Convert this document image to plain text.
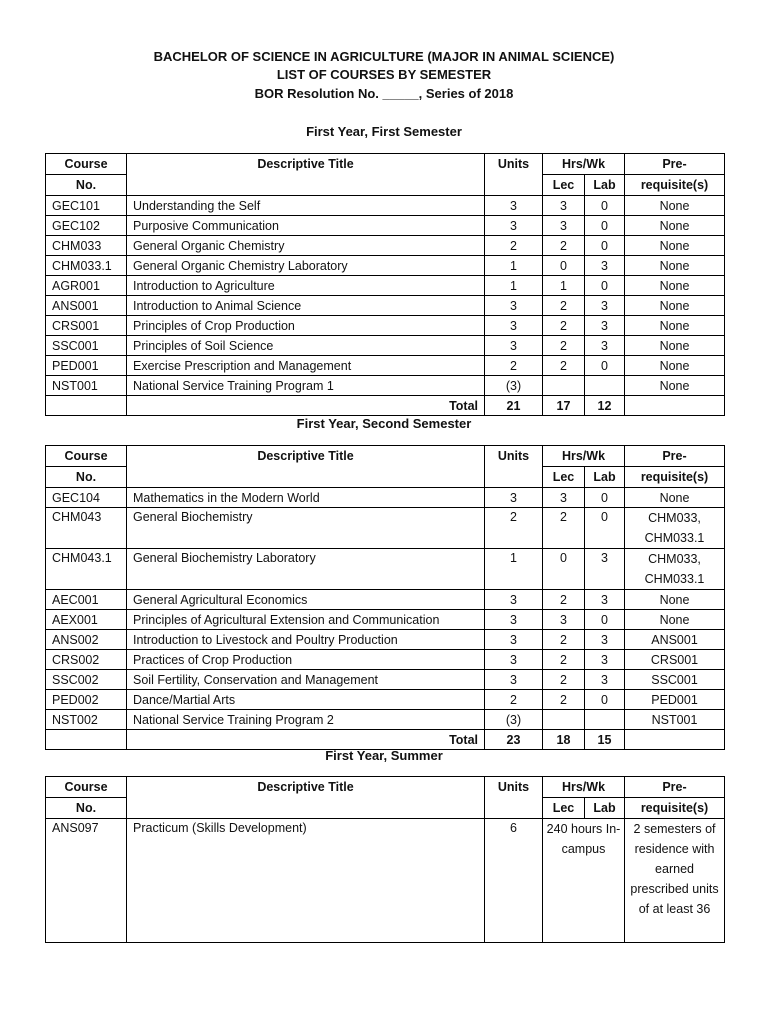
BACHELOR OF SCIENCE IN AGRICULTURE (MAJOR IN ANIMAL SCIENCE)
LIST OF COURSES BY SEMESTER
BOR Resolution No. _____, Series of 2018
First Year, First Semester
Course	Descriptive Title	Units	Hrs/Wk		Pre-
No.			Lec	Lab	requisite(s)
GEC101	Understanding the Self	3	3	0	None
GEC102	Purposive Communication	3	3	0	None
CHM033	General Organic Chemistry	2	2	0	None
CHM033.1	General Organic Chemistry Laboratory	1	0	3	None
AGR001	Introduction to Agriculture	1	1	0	None
ANS001	Introduction to Animal Science	3	2	3	None
CRS001	Principles of Crop Production	3	2	3	None
SSC001	Principles of Soil Science	3	2	3	None
PED001	Exercise Prescription and Management	2	2	0	None
NST001	National Service Training Program 1	(3)			None
	Total	21	17	12	
First Year, Second Semester
Course	Descriptive Title	Units	Hrs/Wk		Pre-
No.			Lec	Lab	requisite(s)
GEC104	Mathematics in the Modern World	3	3	0	None
CHM043	General Biochemistry	2	2	0	CHM033, CHM033.1
CHM043.1	General Biochemistry Laboratory	1	0	3	CHM033, CHM033.1
AEC001	General Agricultural Economics	3	2	3	None
AEX001	Principles of Agricultural Extension and Communication	3	3	0	None
ANS002	Introduction to Livestock and Poultry Production	3	2	3	ANS001
CRS002	Practices of Crop Production	3	2	3	CRS001
SSC002	Soil Fertility, Conservation and Management	3	2	3	SSC001
PED002	Dance/Martial Arts	2	2	0	PED001
NST002	National Service Training Program 2	(3)			NST001
	Total	23	18	15	
First Year, Summer
Course	Descriptive Title	Units	Hrs/Wk		Pre-
No.			Lec	Lab	requisite(s)
ANS097	Practicum (Skills Development)	6	240 hours In-campus		2 semesters of residence with earned prescribed units of at least 36
